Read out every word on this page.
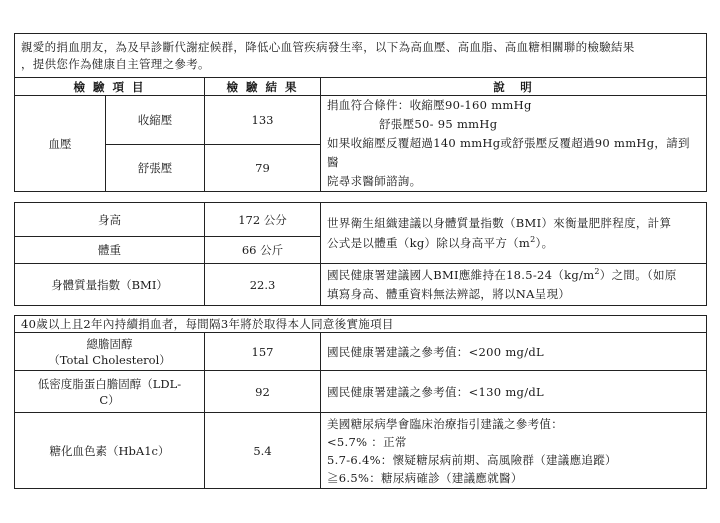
親愛的捐血朋友，為及早診斷代謝症候群，降低心血管疾病發生率，以下為高血壓、高血脂、高血糖相關聯的檢驗結果
，提供您作為健康自主管理之參考。			
檢 驗 項 目		檢 驗 結 果	說　明
血壓	收縮壓	133	捐血符合條件：收縮壓90-160 mmHg

舒張壓50- 95 mmHg
如果收縮壓反覆超過140 mmHg或舒張壓反覆超過90 mmHg，請到醫
院尋求醫師諮詢。
	舒張壓	79	

身高		172 公分	世界衛生組織建議以身體質量指數（BMI）來衡量肥胖程度，計算
公式是以體重（kg）除以身高平方$(m^2)$。
體重		66 公斤	
身體質量指數（BMI）		22.3	國民健康署建議國人BMI應維持在$18.5-24(kg/m^2)$之間。（如原
填寫身高、體重資料無法辨認，將以NA呈現）

40歲以上且2年內持續捐血者，每間隔3年將於取得本人同意後實施項目			
總膽固醇
（Total Cholesterol）		157	國民健康署建議之參考值：<200 mg/dL
低密度脂蛋白膽固醇（LDL-
C）		92	國民健康署建議之參考值：<130 mg/dL
糖化血色素（HbA1c）		5.4	美國糖尿病學會臨床治療指引建議之參考值：
<5.7% ：正常
5.7-6.4%：懷疑糖尿病前期、高風險群（建議應追蹤）
≧6.5%：糖尿病確診（建議應就醫）
